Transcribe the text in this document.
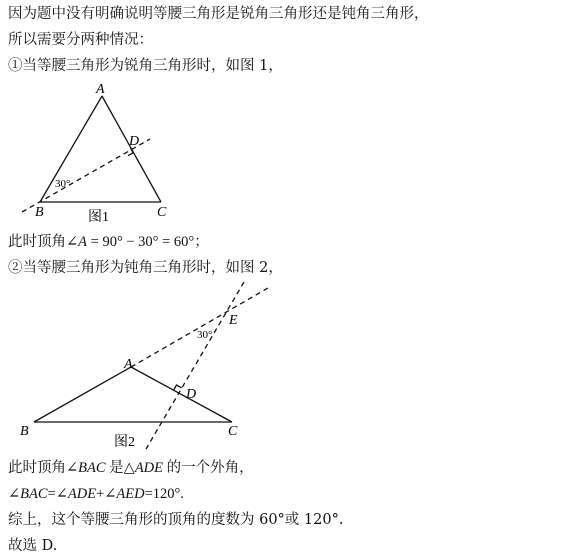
因为题中没有明确说明等腰三角形是锐角三角形还是钝角三角形，
所以需要分两种情况：
①当等腰三角形为锐角三角形时，如图 1，
此时顶角∠A = 90° − 30° = 60°；
②当等腰三角形为钝角三角形时，如图 2，
此时顶角∠BAC 是△ADE 的一个外角，
∠BAC=∠ADE+∠AED=120°.
综上，这个等腰三角形的顶角的度数为 60°或 120°.
故选 D.
A
B	C
D
30°
图1
A
B	C
D
E
30°
图2
